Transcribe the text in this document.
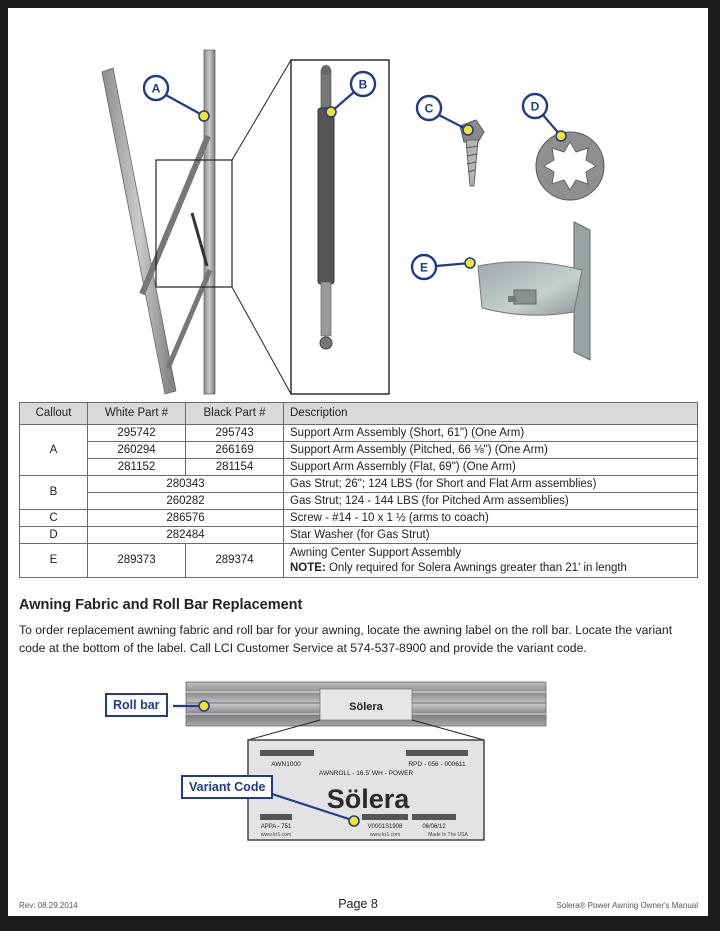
A	B
C	D
E
Callout	White Part #	Black Part #	Description
A	295742	295743	Support Arm Assembly (Short, 61") (One Arm)
	260294	266169	Support Arm Assembly (Pitched, 66 ⅛") (One Arm)
	281152	281154	Support Arm Assembly (Flat, 69") (One Arm)
B	280343		Gas Strut; 26"; 124 LBS (for Short and Flat Arm assemblies)
	260282		Gas Strut; 124 - 144 LBS (for Pitched Arm assemblies)
C	286576		Screw - #14 - 10 x 1 ½ (arms to coach)
D	282484		Star Washer (for Gas Strut)
E	289373	289374	Awning Center Support Assembly
NOTE: Only required for Solera Awnings greater than 21' in length
Awning Fabric and Roll Bar Replacement
To order replacement awning fabric and roll bar for your awning, locate the awning label on the roll bar. Locate the variant code at the bottom of the label. Call LCI Customer Service at 574-537-8900 and provide the variant code.
Sölera
AWN1000	RPD - 056 - 000611
AWNROLL - 16.5' WH - POWER
Sölera
APPA - 751	V0001S1908	06/06/12
www.lci1.com	www.lci1.com	Made In The USA
Roll bar
Variant Code
Page 8
Rev: 08.29.2014	Solera® Power Awning Owner's Manual
